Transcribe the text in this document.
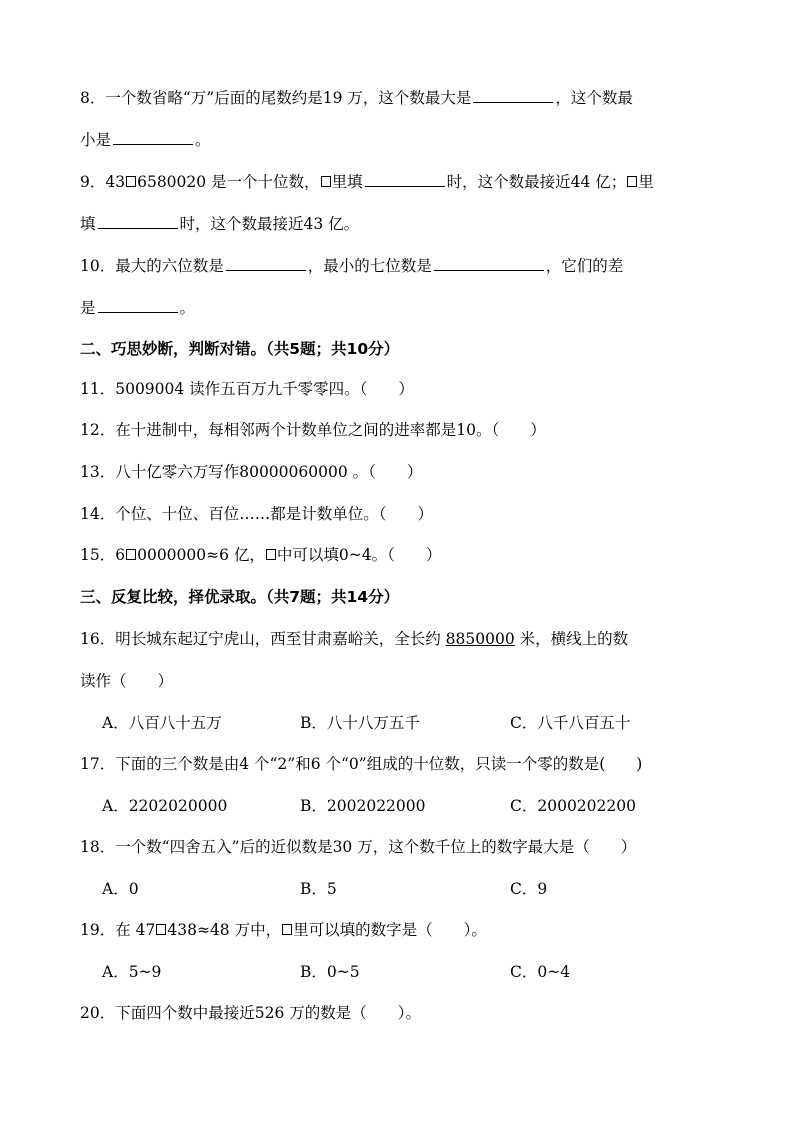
8．一个数省略“万”后面的尾数约是19 万，这个数最大是	，这个数最
小是	。
9．43 6580020 是一个十位数， 里填	时，这个数最接近44 亿； 里
填	时，这个数最接近43 亿。
10．最大的六位数是	，最小的七位数是	，它们的差
是	。
二、巧思妙断，判断对错。（共5题；共10分）
11．5009004 读作五百万九千零零四。（　　）
12．在十进制中，每相邻两个计数单位之间的进率都是10。（　　）
13．八十亿零六万写作80000060000 。（　　）
14．个位、十位、百位……都是计数单位。（　　）
15．6 0000000≈6 亿， 中可以填0~4。（　　）
三、反复比较，择优录取。（共7题；共14分）
16．明长城东起辽宁虎山，西至甘肃嘉峪关，全长约 8850000 米，横线上的数
读作（　　）
A．八百八十五万	B．八十八万五千	C．八千八百五十
17．下面的三个数是由4 个“2”和6 个“0”组成的十位数，只读一个零的数是(　　)
A．2202020000	B．2002022000	C．2000202200
18．一个数“四舍五入”后的近似数是30 万，这个数千位上的数字最大是（　　）
A．0	B．5	C．9
19．在 47 438≈48 万中， 里可以填的数字是（　　）。
A．5~9	B．0~5	C．0~4
20．下面四个数中最接近526 万的数是（　　）。
